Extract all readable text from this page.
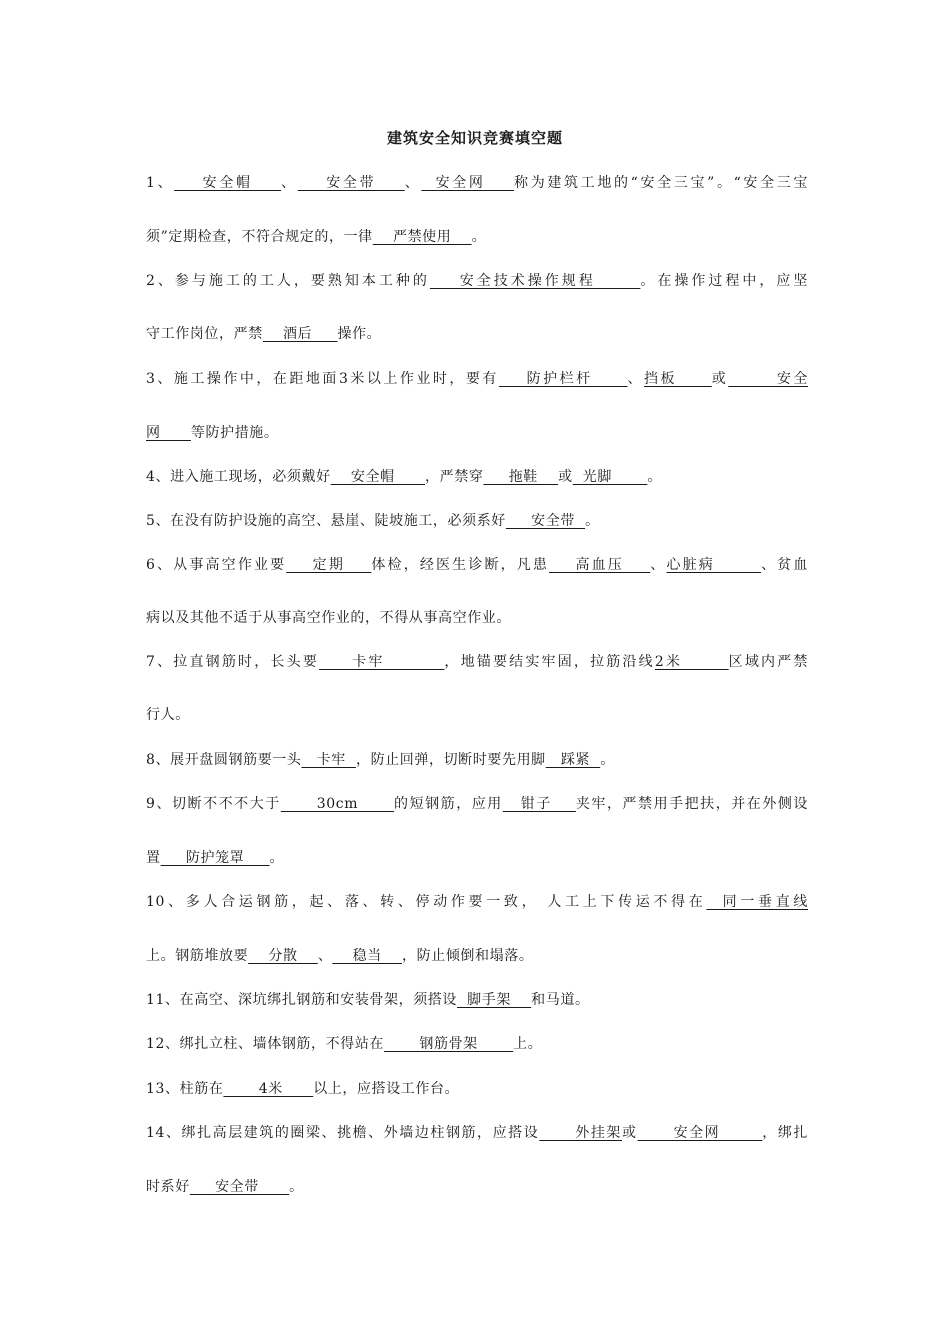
建筑安全知识竞赛填空题
1、    安全帽    、    安全带    、  安全网    称为建筑工地的“安全三宝”。“安全三宝
须”定期检查，不符合规定的，一律    严禁使用    。
2、参与施工的工人，要熟知本工种的    安全技术操作规程      。在操作过程中，应坚
守工作岗位，严禁    酒后     操作。
3、施工操作中，在距地面3米以上作业时，要有    防护栏杆     、挡板     或       安全
网      等防护措施。
4、进入施工现场，必须戴好    安全帽      ，严禁穿     拖鞋    或  光脚       。
5、在没有防护设施的高空、悬崖、陡坡施工，必须系好     安全带  。
6、从事高空作业要    定期    体检，经医生诊断，凡患    高血压    、心脏病       、贫血
病以及其他不适于从事高空作业的，不得从事高空作业。
7、拉直钢筋时，长头要     卡牢         ，地锚要结实牢固，拉筋沿线2米       区域内严禁
行人。
8、展开盘圆钢筋要一头   卡牢  ，防止回弹，切断时要先用脚   踩紧  。
9、切断不不不大于      30cm      的短钢筋，应用   钳子    夹牢，严禁用手把扶，并在外侧设
置     防护笼罩     。
10、多人合运钢筋，起、落、转、停动作要一致， 人工上下传运不得在  同一垂直线
上。钢筋堆放要    分散    、    稳当    ，防止倾倒和塌落。
11、在高空、深坑绑扎钢筋和安装骨架，须搭设  脚手架    和马道。
12、绑扎立柱、墙体钢筋，不得站在       钢筋骨架       上。
13、柱筋在       4米      以上，应搭设工作台。
14、绑扎高层建筑的圈梁、挑檐、外墙边柱钢筋，应搭设      外挂架或      安全网       ，绑扎
时系好     安全带      。
